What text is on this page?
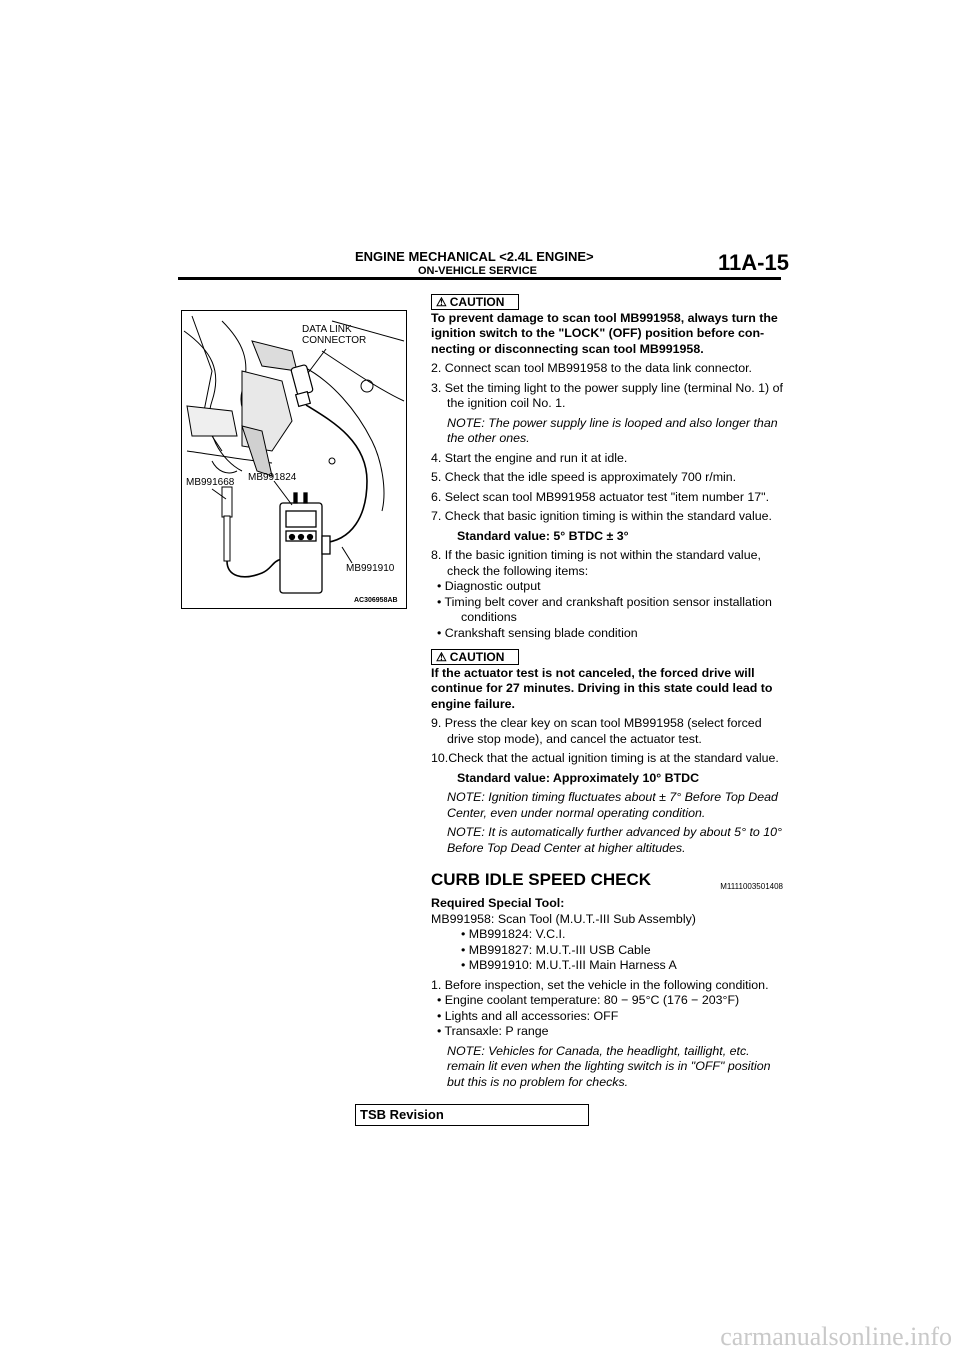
ENGINE MECHANICAL <2.4L ENGINE>
ON-VEHICLE SERVICE	11A-15
DATA LINK
CONNECTOR
MB991668 MB991824
MB991910
AC306958AB
⚠ CAUTION

To prevent damage to scan tool MB991958, always turn the ignition switch to the "LOCK" (OFF) position before con-necting or disconnecting scan tool MB991958.

2. Connect scan tool MB991958 to the data link connector.

3. Set the timing light to the power supply line (terminal No. 1) of the ignition coil No. 1.

NOTE: The power supply line is looped and also longer than the other ones.

4. Start the engine and run it at idle.

5. Check that the idle speed is approximately 700 r/min.

6. Select scan tool MB991958 actuator test "item number 17".

7. Check that basic ignition timing is within the standard value.

Standard value: 5° BTDC ± 3°

8. If the basic ignition timing is not within the standard value, check the following items:

• Diagnostic output

• Timing belt cover and crankshaft position sensor installation conditions

• Crankshaft sensing blade condition

⚠ CAUTION

If the actuator test is not canceled, the forced drive will continue for 27 minutes. Driving in this state could lead to engine failure.

9. Press the clear key on scan tool MB991958 (select forced drive stop mode), and cancel the actuator test.

10.Check that the actual ignition timing is at the standard value.

Standard value: Approximately 10° BTDC

NOTE: Ignition timing fluctuates about ± 7° Before Top Dead Center, even under normal operating condition.

NOTE: It is automatically further advanced by about 5° to 10° Before Top Dead Center at higher altitudes.

CURB IDLE SPEED CHECK	M1111003501408

Required Special Tool:

MB991958: Scan Tool (M.U.T.-III Sub Assembly)

• MB991824: V.C.I.

• MB991827: M.U.T.-III USB Cable

• MB991910: M.U.T.-III Main Harness A

1. Before inspection, set the vehicle in the following condition.

• Engine coolant temperature: 80 − 95°C (176 − 203°F)

• Lights and all accessories: OFF

• Transaxle: P range

NOTE: Vehicles for Canada, the headlight, taillight, etc. remain lit even when the lighting switch is in "OFF" position but this is no problem for checks.

TSB Revision
carmanualsonline.info
